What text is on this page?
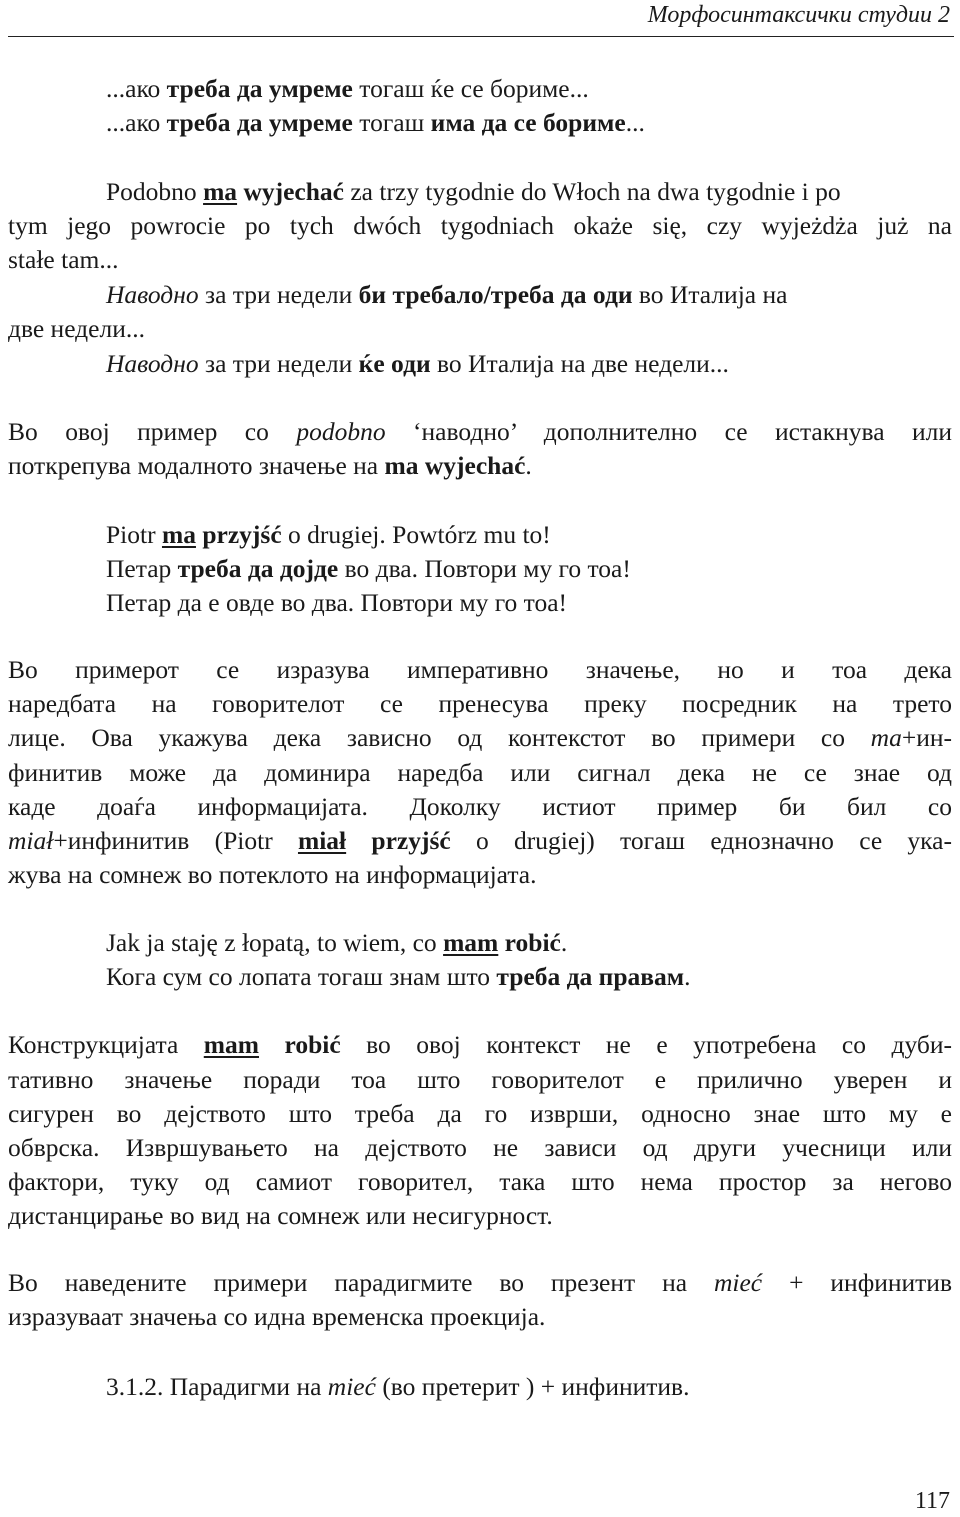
Морфосинтаксички студии 2
...ако треба да умреме тогаш ќе се бориме...
...ако треба да умреме тогаш има да се бориме...
Podobno ma wyjechać za trzy tygodnie do Włoch na dwa tygodnie i po
tym jego powrocie po tych dwóch tygodniach okaże się, czy wyjeżdża już na
stałe tam...
Наводно за три недели би требало/треба да оди во Италија на
две недели...
Наводно за три недели ќе оди во Италија на две недели...
Во овој пример со podobno ‘наводно’ дополнително се истакнува или
поткрепува модалното значење на ma wyjechać.
Piotr ma przyjść o drugiej. Powtórz mu to!
Петар треба да дојде во два. Повтори му го тоа!
Петар да е овде во два. Повтори му го тоа!
Во примерот се изразува императивно значење, но и тоа дека
наредбата на говорителот се пренесува преку посредник на трето
лице. Ова укажува дека зависно од контекстот во примери со ma+ин-
финитив може да доминира наредба или сигнал дека не се знае од
каде доаѓа информацијата. Доколку истиот пример би бил со
miał+инфинитив (Piotr miał przyjść o drugiej) тогаш еднозначно се ука-
жува на сомнеж во потеклото на информацијата.
Jak ja staję z łopatą, to wiem, co mam robić.
Кога сум со лопата тогаш знам што треба да правам.
Конструкцијата mam robić во овој контекст не е употребена со дуби-
тативно значење поради тоа што говорителот е прилично уверен и
сигурен во дејството што треба да го изврши, односно знае што му е
обврска. Извршувањето на дејството не зависи од други учесници или
фактори, туку од самиот говорител, така што нема простор за негово
дистанцирање во вид на сомнеж или несигурност.
Во наведените примери парадигмите во презент на mieć + инфинитив
изразуваат значења со идна временска проекција.
3.1.2. Парадигми на mieć (во претерит ) + инфинитив.
117
